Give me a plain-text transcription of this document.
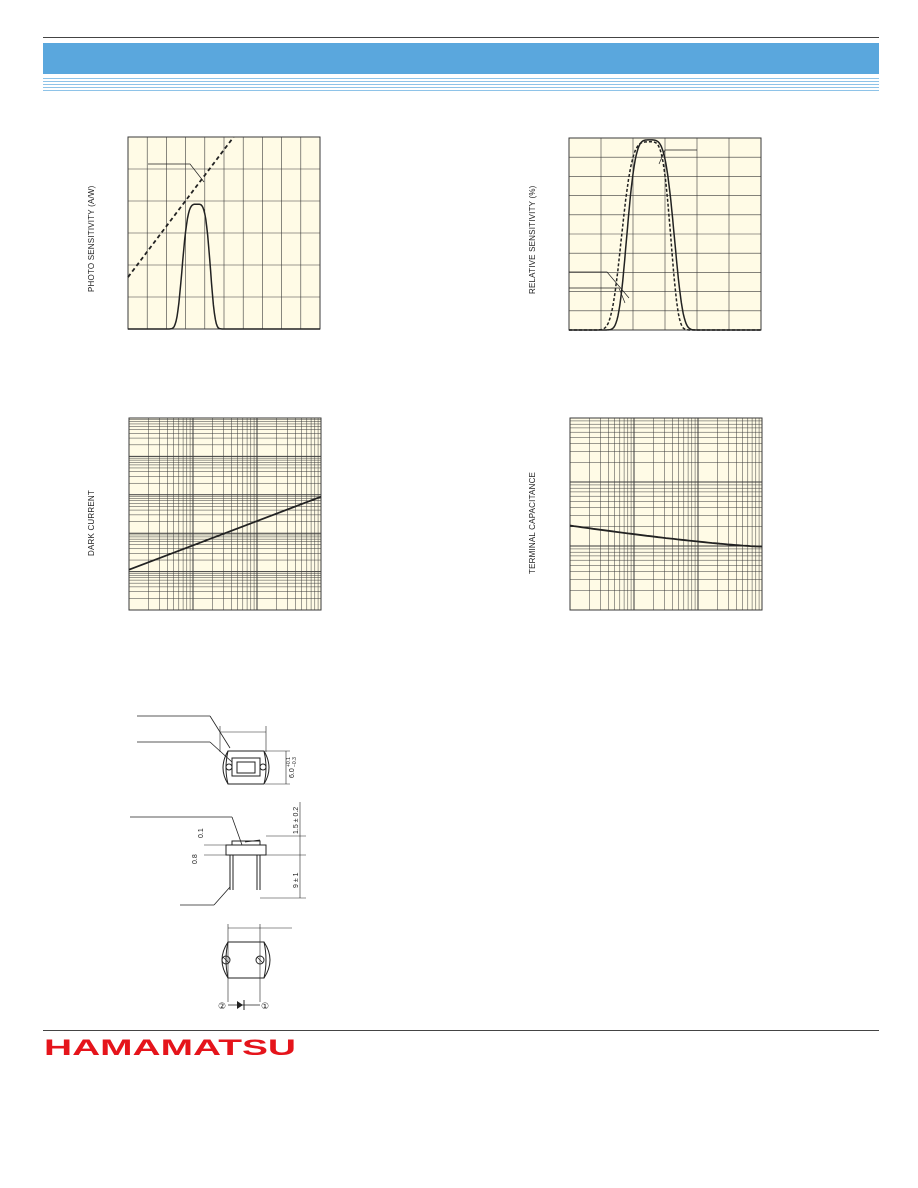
PHOTO SENSITIVITY (A/W)	RELATIVE SENSITIVITY (%)
DARK CURRENT	TERMINAL CAPACITANCE
6.0
+0.1 −0.3
1.5 ± 0.2
9 ± 1
0.1
0.8
②	①
HAMAMATSU
